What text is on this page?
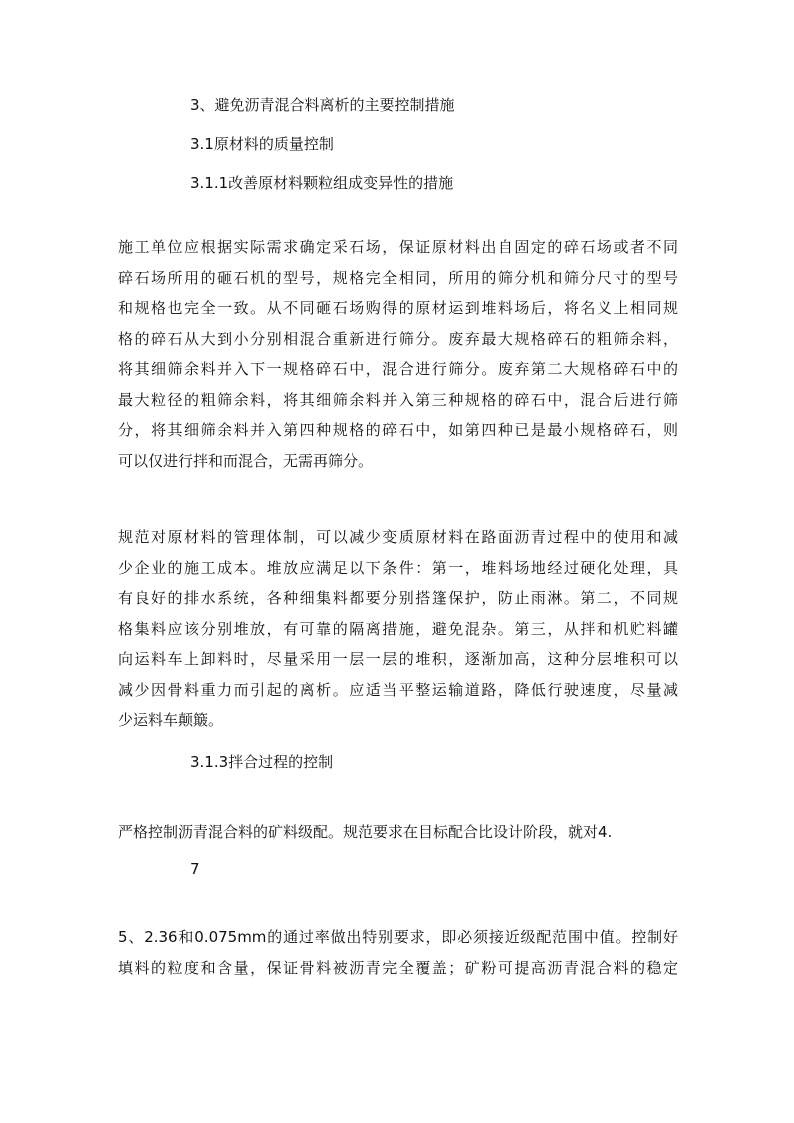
3、避免沥青混合料离析的主要控制措施
3.1原材料的质量控制
3.1.1改善原材料颗粒组成变异性的措施
施工单位应根据实际需求确定采石场，保证原材料出自固定的碎石场或者不同
碎石场所用的砸石机的型号，规格完全相同，所用的筛分机和筛分尺寸的型号
和规格也完全一致。从不同砸石场购得的原材运到堆料场后，将名义上相同规
格的碎石从大到小分别相混合重新进行筛分。废弃最大规格碎石的粗筛余料，
将其细筛余料并入下一规格碎石中，混合进行筛分。废弃第二大规格碎石中的
最大粒径的粗筛余料，将其细筛余料并入第三种规格的碎石中，混合后进行筛
分，将其细筛余料并入第四种规格的碎石中，如第四种已是最小规格碎石，则
可以仅进行拌和而混合，无需再筛分。
规范对原材料的管理体制，可以减少变质原材料在路面沥青过程中的使用和减
少企业的施工成本。堆放应满足以下条件：第一，堆料场地经过硬化处理，具
有良好的排水系统，各种细集料都要分别搭篷保护，防止雨淋。第二，不同规
格集料应该分别堆放，有可靠的隔离措施，避免混杂。第三，从拌和机贮料罐
向运料车上卸料时，尽量采用一层一层的堆积，逐渐加高，这种分层堆积可以
减少因骨料重力而引起的离析。应适当平整运输道路，降低行驶速度，尽量减
少运料车颠簸。
3.1.3拌合过程的控制
严格控制沥青混合料的矿料级配。规范要求在目标配合比设计阶段，就对4.
7
5、2.36和0.075mm的通过率做出特别要求，即必须接近级配范围中值。控制好
填料的粒度和含量，保证骨料被沥青完全覆盖；矿粉可提高沥青混合料的稳定
